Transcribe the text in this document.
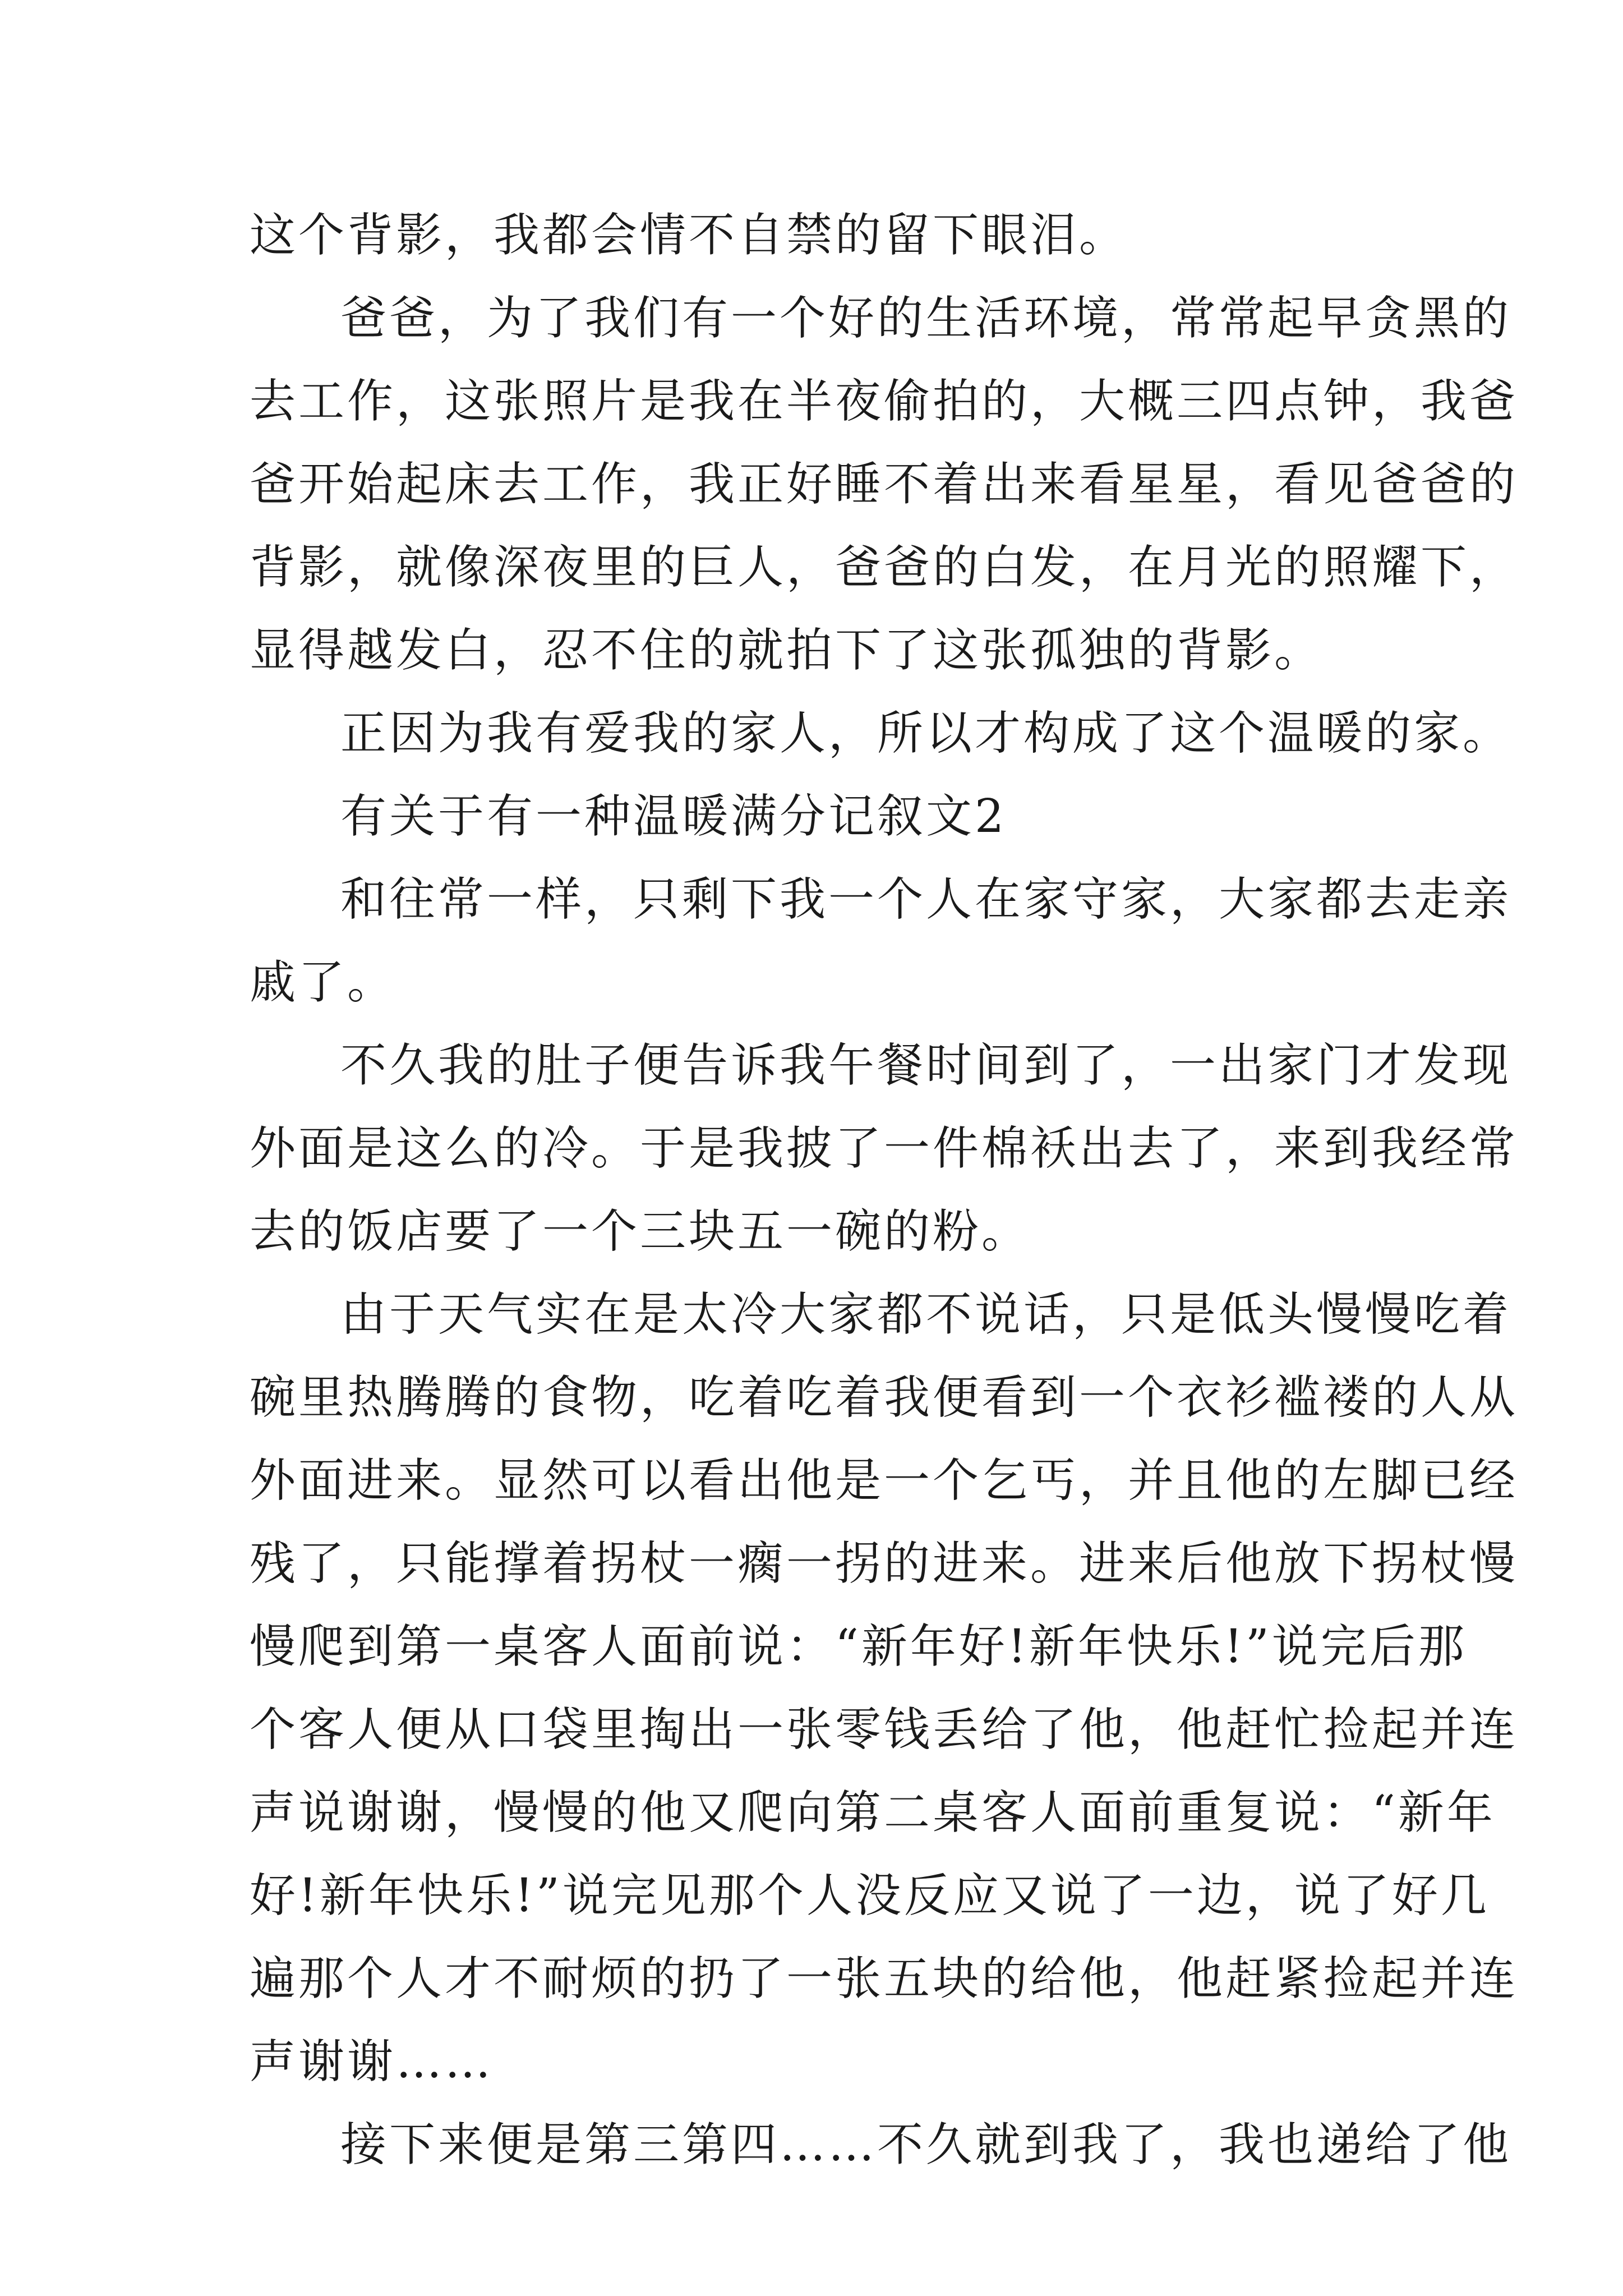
这个背影，我都会情不自禁的留下眼泪。
爸爸，为了我们有一个好的生活环境，常常起早贪黑的
去工作，这张照片是我在半夜偷拍的，大概三四点钟，我爸
爸开始起床去工作，我正好睡不着出来看星星，看见爸爸的
背影，就像深夜里的巨人，爸爸的白发，在月光的照耀下，
显得越发白，忍不住的就拍下了这张孤独的背影。
正因为我有爱我的家人，所以才构成了这个温暖的家。
有关于有一种温暖满分记叙文2
和往常一样，只剩下我一个人在家守家，大家都去走亲
戚了。
不久我的肚子便告诉我午餐时间到了，一出家门才发现
外面是这么的冷。于是我披了一件棉袄出去了，来到我经常
去的饭店要了一个三块五一碗的粉。
由于天气实在是太冷大家都不说话，只是低头慢慢吃着
碗里热腾腾的食物，吃着吃着我便看到一个衣衫褴褛的人从
外面进来。显然可以看出他是一个乞丐，并且他的左脚已经
残了，只能撑着拐杖一瘸一拐的进来。进来后他放下拐杖慢
慢爬到第一桌客人面前说：“新年好!新年快乐!”说完后那
个客人便从口袋里掏出一张零钱丢给了他，他赶忙捡起并连
声说谢谢，慢慢的他又爬向第二桌客人面前重复说：“新年
好!新年快乐!”说完见那个人没反应又说了一边，说了好几
遍那个人才不耐烦的扔了一张五块的给他，他赶紧捡起并连
声谢谢……
接下来便是第三第四……不久就到我了，我也递给了他
